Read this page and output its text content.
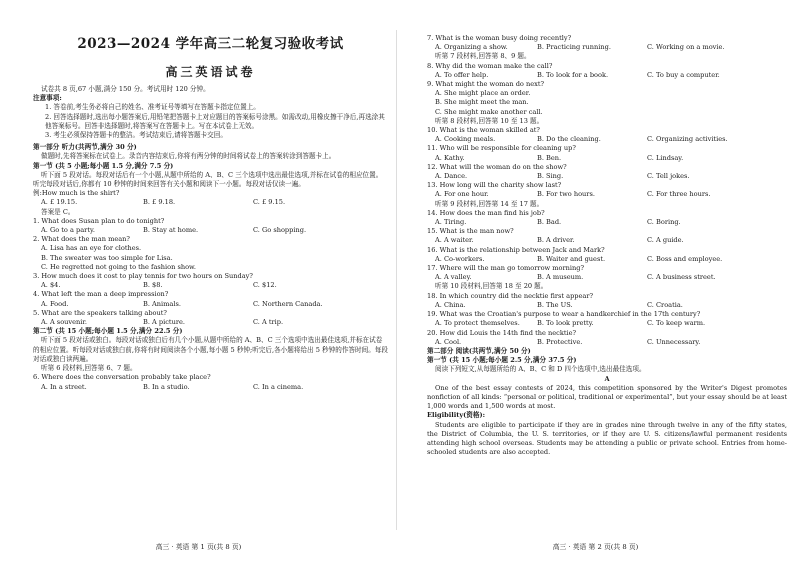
2023—2024 学年高三二轮复习验收考试
高三英语试卷
试卷共 8 页,67 小题,满分 150 分。考试用时 120 分钟。
注意事项:
1. 答卷前,考生务必将自己的姓名、准考证号等填写在答题卡指定位置上。
2. 回答选择题时,选出每小题答案后,用铅笔把答题卡上对应题目的答案标号涂黑。如需改动,用橡皮擦干净后,再选涂其他答案标号。回答非选择题时,将答案写在答题卡上。写在本试卷上无效。
3. 考生必须保持答题卡的整洁。考试结束后,请将答题卡交回。
第一部分 听力(共两节,满分 30 分)
做题时,先将答案标在试卷上。录音内容结束后,你将有两分钟的时间将试卷上的答案转涂到答题卡上。
第一节 (共 5 小题;每小题 1.5 分,满分 7.5 分)
听下面 5 段对话。每段对话后有一个小题,从题中所给的 A、B、C 三个选项中选出最佳选项,并标在试卷的相应位置。听完每段对话后,你都有 10 秒钟的时间来回答有关小题和阅读下一小题。每段对话仅读一遍。
例:How much is the shirt?
A. £ 19.15.	B. £ 9.18.	C. £ 9.15.
答案是 C。
1. What does Susan plan to do tonight?
A. Go to a party.	B. Stay at home.	C. Go shopping.
2. What does the man mean?
A. Lisa has an eye for clothes.
B. The sweater was too simple for Lisa.
C. He regretted not going to the fashion show.
3. How much does it cost to play tennis for two hours on Sunday?
A. $4.	B. $8.	C. $12.
4. What left the man a deep impression?
A. Food.	B. Animals.	C. Northern Canada.
5. What are the speakers talking about?
A. A souvenir.	B. A picture.	C. A trip.
第二节 (共 15 小题;每小题 1.5 分,满分 22.5 分)
听下面 5 段对话或独白。每段对话或独白后有几个小题,从题中所给的 A、B、C 三个选项中选出最佳选项,并标在试卷的相应位置。听每段对话或独白前,你将有时间阅读各个小题,每小题 5 秒钟;听完后,各小题将给出 5 秒钟的作答时间。每段对话或独白读两遍。
听第 6 段材料,回答第 6、7 题。
6. Where does the conversation probably take place?
A. In a street.	B. In a studio.	C. In a cinema.
高三 · 英语 第 1 页(共 8 页)
7. What is the woman busy doing recently?
A. Organizing a show.	B. Practicing running.	C. Working on a movie.
听第 7 段材料,回答第 8、9 题。
8. Why did the woman make the call?
A. To offer help.	B. To look for a book.	C. To buy a computer.
9. What might the woman do next?
A. She might place an order.
B. She might meet the man.
C. She might make another call.
听第 8 段材料,回答第 10 至 13 题。
10. What is the woman skilled at?
A. Cooking meals.	B. Do the cleaning.	C. Organizing activities.
11. Who will be responsible for cleaning up?
A. Kathy.	B. Ben.	C. Lindsay.
12. What will the woman do on the show?
A. Dance.	B. Sing.	C. Tell jokes.
13. How long will the charity show last?
A. For one hour.	B. For two hours.	C. For three hours.
听第 9 段材料,回答第 14 至 17 题。
14. How does the man find his job?
A. Tiring.	B. Bad.	C. Boring.
15. What is the man now?
A. A waiter.	B. A driver.	C. A guide.
16. What is the relationship between Jack and Mark?
A. Co-workers.	B. Waiter and guest.	C. Boss and employee.
17. Where will the man go tomorrow morning?
A. A valley.	B. A museum.	C. A business street.
听第 10 段材料,回答第 18 至 20 题。
18. In which country did the necktie first appear?
A. China.	B. The US.	C. Croatia.
19. What was the Croatian's purpose to wear a handkerchief in the 17th century?
A. To protect themselves.	B. To look pretty.	C. To keep warm.
20. How did Louis the 14th find the necktie?
A. Cool.	B. Protective.	C. Unnecessary.
第二部分 阅读(共两节,满分 50 分)
第一节 (共 15 小题;每小题 2.5 分,满分 37.5 分)
阅读下列短文,从每题所给的 A、B、C 和 D 四个选项中,选出最佳选项。
A
One of the best essay contests of 2024, this competition sponsored by the Writer's Digest promotes nonfiction of all kinds: “personal or political, traditional or experimental”, but your essay should be at least 1,000 words and 1,500 words at most.
Eligibility(资格):
Students are eligible to participate if they are in grades nine through twelve in any of the fifty states, the District of Columbia, the U. S. territories, or if they are U. S. citizens/lawful permanent residents attending high school overseas. Students may be attending a public or private school. Entries from home-schooled students are also accepted.
高三 · 英语 第 2 页(共 8 页)
